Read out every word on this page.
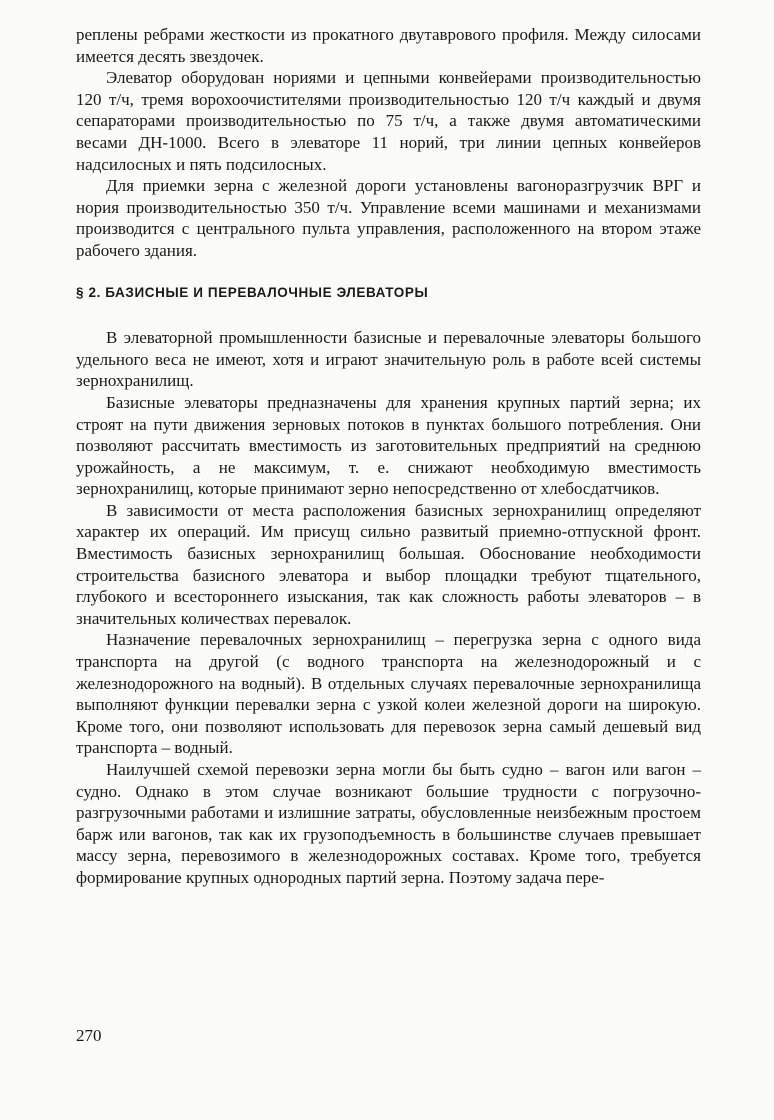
реплены ребрами жесткости из прокатного двутаврового профиля. Между силосами имеется десять звездочек.

Элеватор оборудован нориями и цепными конвейерами производительностью 120 т/ч, тремя ворохоочистителями производительностью 120 т/ч каждый и двумя сепараторами производительностью по 75 т/ч, а также двумя автоматическими весами ДН-1000. Всего в элеваторе 11 норий, три линии цепных конвейеров надсилосных и пять подсилосных.

Для приемки зерна с железной дороги установлены вагоноразгрузчик ВРГ и нория производительностью 350 т/ч. Управление всеми машинами и механизмами производится с центрального пульта управления, расположенного на втором этаже рабочего здания.

§ 2. БАЗИСНЫЕ И ПЕРЕВАЛОЧНЫЕ ЭЛЕВАТОРЫ

В элеваторной промышленности базисные и перевалочные элеваторы большого удельного веса не имеют, хотя и играют значительную роль в работе всей системы зернохранилищ.

Базисные элеваторы предназначены для хранения крупных партий зерна; их строят на пути движения зерновых потоков в пунктах большого потребления. Они позволяют рассчитать вместимость из заготовительных предприятий на среднюю урожайность, а не максимум, т. е. снижают необходимую вместимость зернохранилищ, которые принимают зерно непосредственно от хлебосдатчиков.

В зависимости от места расположения базисных зернохранилищ определяют характер их операций. Им присущ сильно развитый приемно-отпускной фронт. Вместимость базисных зернохранилищ большая. Обоснование необходимости строительства базисного элеватора и выбор площадки требуют тщательного, глубокого и всестороннего изыскания, так как сложность работы элеваторов – в значительных количествах перевалок.

Назначение перевалочных зернохранилищ – перегрузка зерна с одного вида транспорта на другой (с водного транспорта на железнодорожный и с железнодорожного на водный). В отдельных случаях перевалочные зернохранилища выполняют функции перевалки зерна с узкой колеи железной дороги на широкую. Кроме того, они позволяют использовать для перевозок зерна самый дешевый вид транспорта – водный.

Наилучшей схемой перевозки зерна могли бы быть судно – вагон или вагон – судно. Однако в этом случае возникают большие трудности с погрузочно-разгрузочными работами и излишние затраты, обусловленные неизбежным простоем барж или вагонов, так как их грузоподъемность в большинстве случаев превышает массу зерна, перевозимого в железнодорожных составах. Кроме того, требуется формирование крупных однородных партий зерна. Поэтому задача пере-

270
